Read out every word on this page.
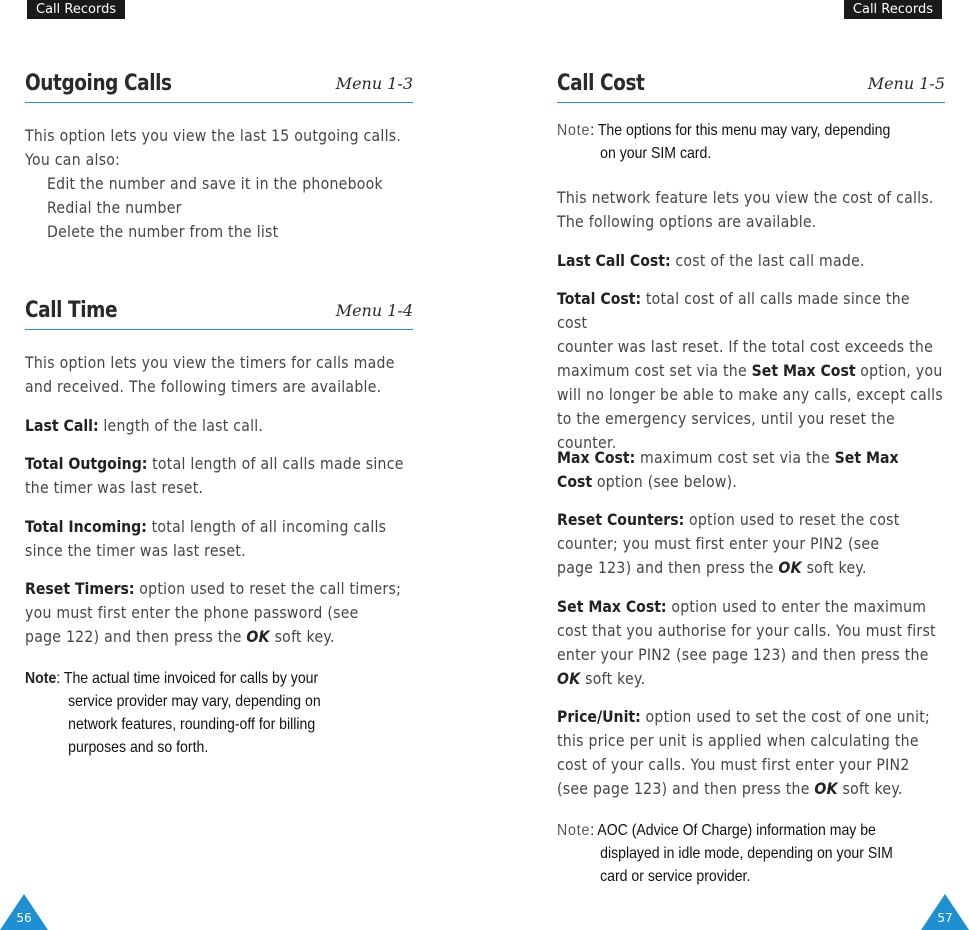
Call Records	Call Records
Outgoing Calls	Menu 1-3
This option lets you view the last 15 outgoing calls.
You can also:
Edit the number and save it in the phonebook
Redial the number
Delete the number from the list
Call Time	Menu 1-4
This option lets you view the timers for calls made
and received. The following timers are available.
Last Call: length of the last call.
Total Outgoing: total length of all calls made since
the timer was last reset.
Total Incoming: total length of all incoming calls
since the timer was last reset.
Reset Timers: option used to reset the call timers;
you must first enter the phone password (see
page 122) and then press the OK soft key.
Note: The actual time invoiced for calls by your
service provider may vary, depending on
network features, rounding-off for billing
purposes and so forth.
Call Cost	Menu 1-5
Note: The options for this menu may vary, depending
on your SIM card.
This network feature lets you view the cost of calls.
The following options are available.
Last Call Cost: cost of the last call made.
Total Cost: total cost of all calls made since the cost
counter was last reset. If the total cost exceeds the
maximum cost set via the Set Max Cost option, you
will no longer be able to make any calls, except calls
to the emergency services, until you reset the
counter.
Max Cost: maximum cost set via the Set Max
Cost option (see below).
Reset Counters: option used to reset the cost
counter; you must first enter your PIN2 (see
page 123) and then press the OK soft key.
Set Max Cost: option used to enter the maximum
cost that you authorise for your calls. You must first
enter your PIN2 (see page 123) and then press the
OK soft key.
Price/Unit: option used to set the cost of one unit;
this price per unit is applied when calculating the
cost of your calls. You must first enter your PIN2
(see page 123) and then press the OK soft key.
Note: AOC (Advice Of Charge) information may be
displayed in idle mode, depending on your SIM
card or service provider.
56	57
